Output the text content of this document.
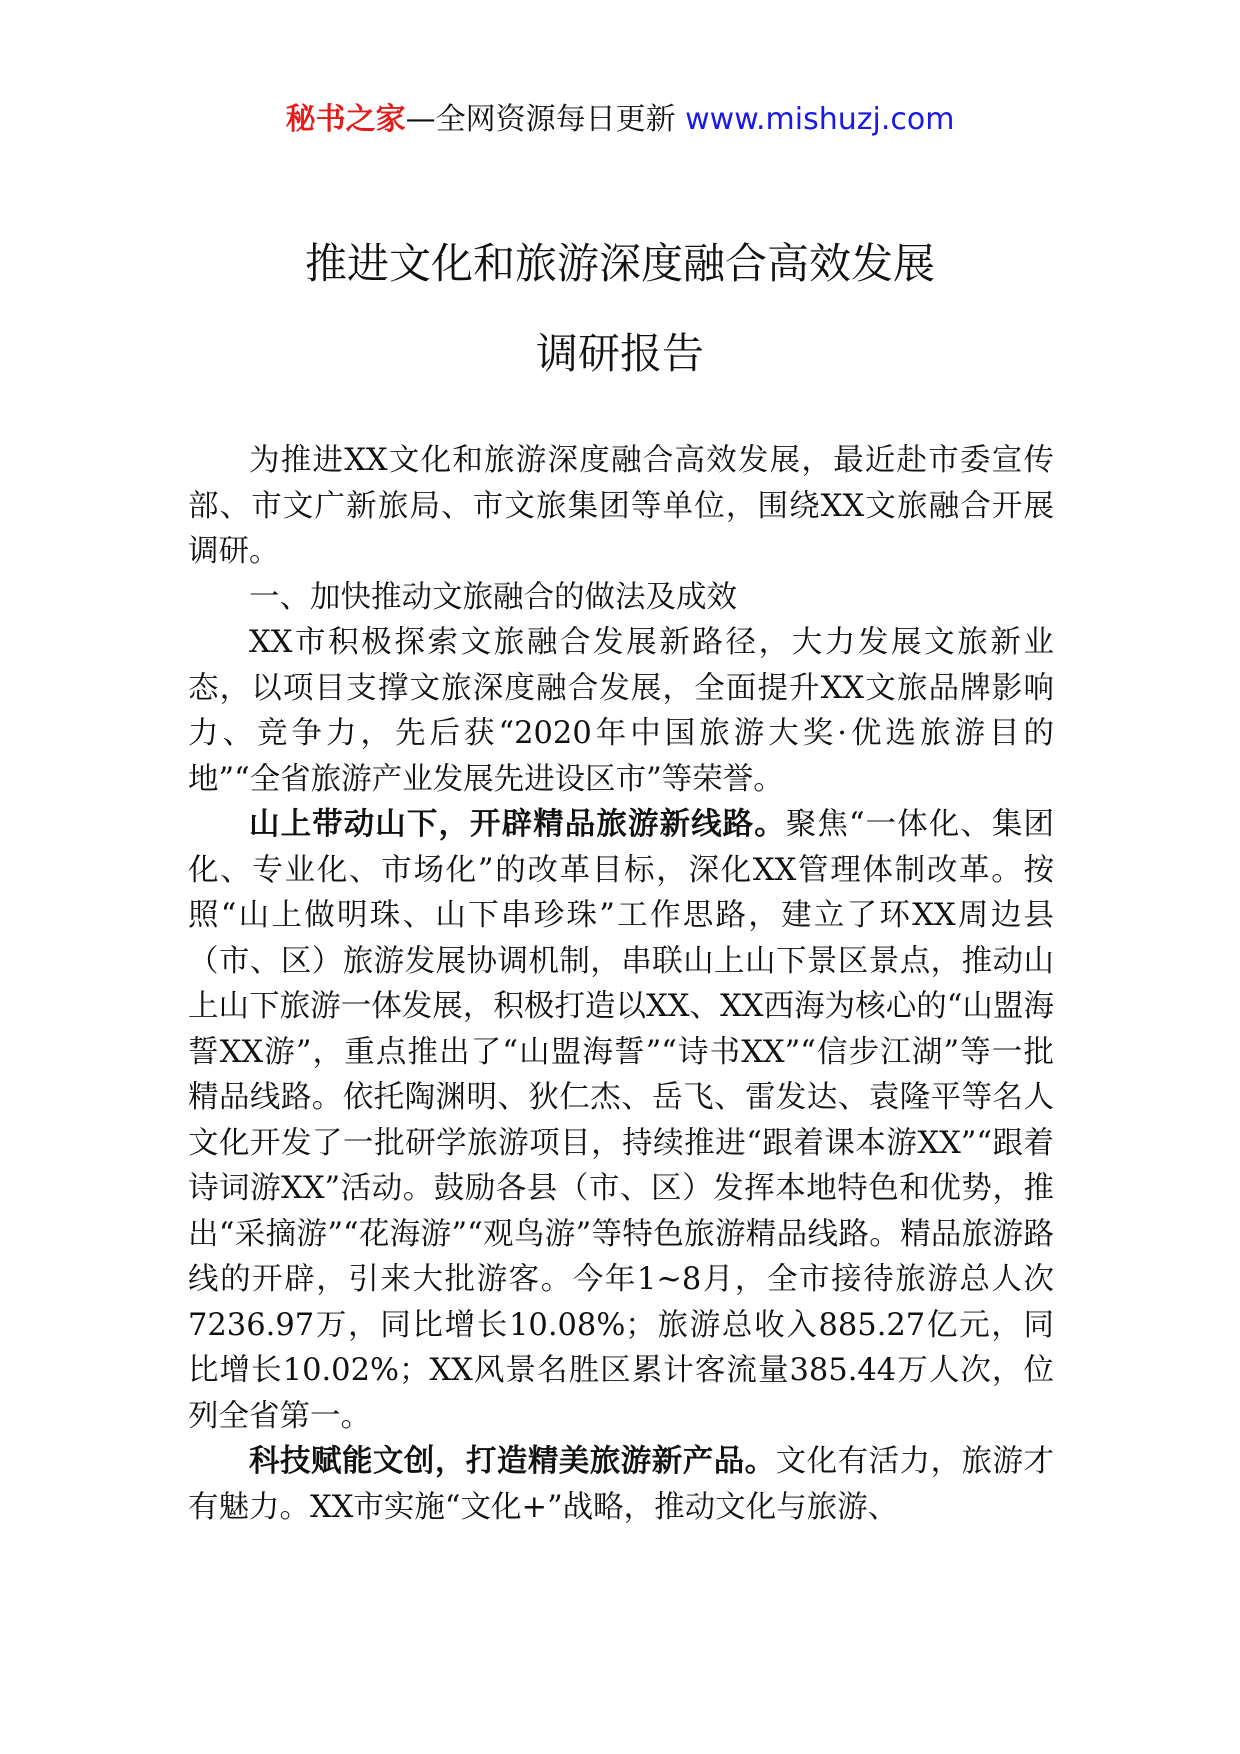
秘书之家—全网资源每日更新 www.mishuzj.com
推进文化和旅游深度融合高效发展
调研报告

为推进XX文化和旅游深度融合高效发展，最近赴市委宣传部、市文广新旅局、市文旅集团等单位，围绕XX文旅融合开展调研。

一、加快推动文旅融合的做法及成效

XX市积极探索文旅融合发展新路径，大力发展文旅新业态，以项目支撑文旅深度融合发展，全面提升XX文旅品牌影响力、竞争力，先后获“2020年中国旅游大奖·优选旅游目的地”“全省旅游产业发展先进设区市”等荣誉。

山上带动山下，开辟精品旅游新线路。聚焦“一体化、集团化、专业化、市场化”的改革目标，深化XX管理体制改革。按照“山上做明珠、山下串珍珠”工作思路，建立了环XX周边县（市、区）旅游发展协调机制，串联山上山下景区景点，推动山上山下旅游一体发展，积极打造以XX、XX西海为核心的“山盟海誓XX游”，重点推出了“山盟海誓”“诗书XX”“信步江湖”等一批精品线路。依托陶渊明、狄仁杰、岳飞、雷发达、袁隆平等名人文化开发了一批研学旅游项目，持续推进“跟着课本游XX”“跟着诗词游XX”活动。鼓励各县（市、区）发挥本地特色和优势，推出“采摘游”“花海游”“观鸟游”等特色旅游精品线路。精品旅游路线的开辟，引来大批游客。今年1~8月，全市接待旅游总人次7236.97万，同比增长10.08%；旅游总收入885.27亿元，同比增长10.02%；XX风景名胜区累计客流量385.44万人次，位列全省第一。

科技赋能文创，打造精美旅游新产品。文化有活力，旅游才有魅力。XX市实施“文化+”战略，推动文化与旅游、
